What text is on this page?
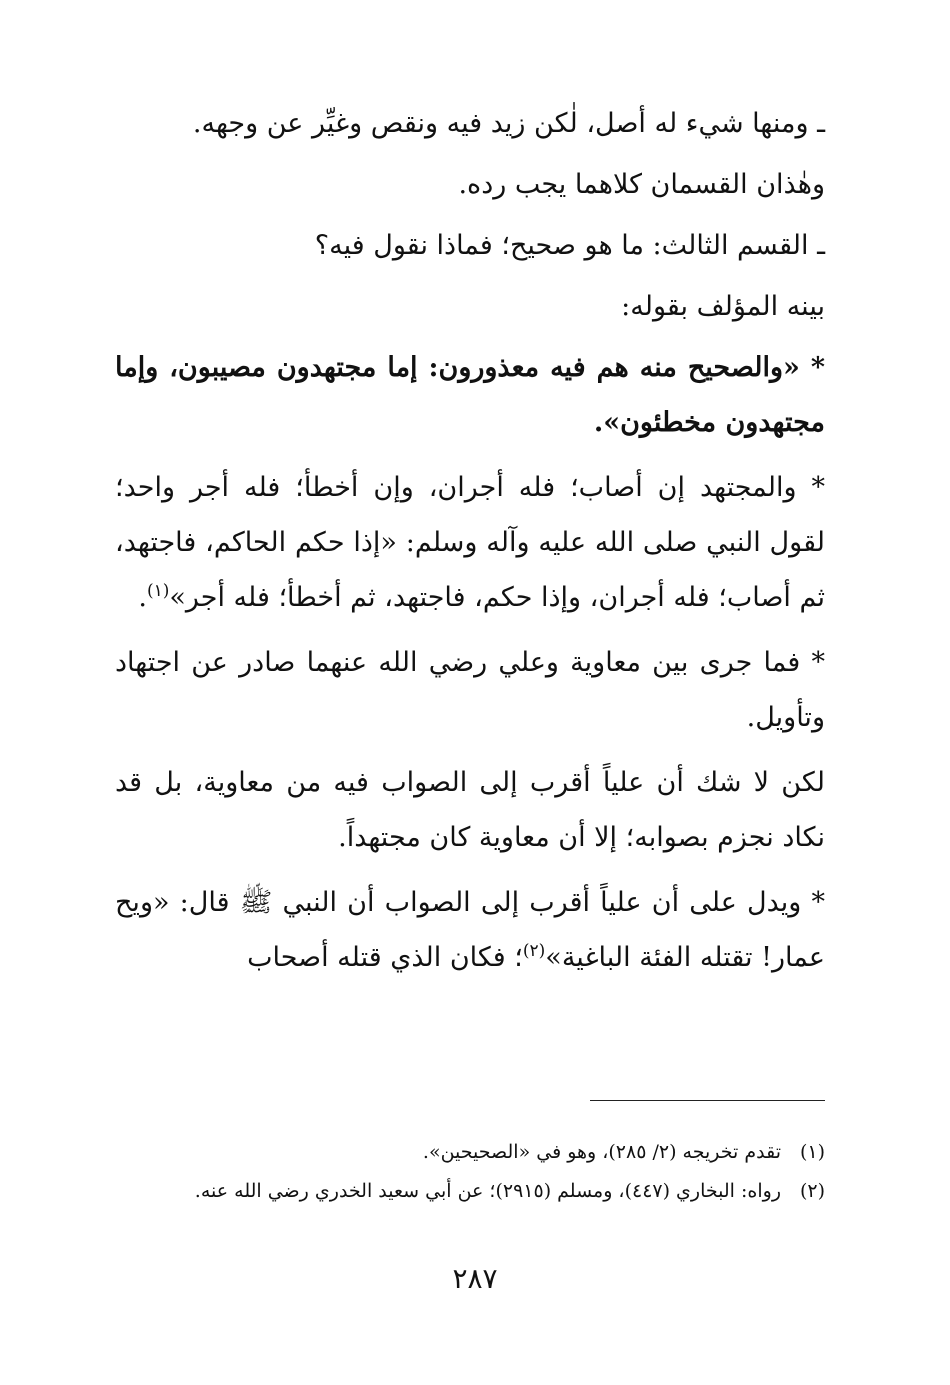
ـ ومنها شيء له أصل، لٰكن زيد فيه ونقص وغيِّر عن وجهه.

وهٰذان القسمان كلاهما يجب رده.

ـ القسم الثالث: ما هو صحيح؛ فماذا نقول فيه؟

بينه المؤلف بقوله:

* «والصحيح منه هم فيه معذورون: إما مجتهدون مصيبون، وإما مجتهدون مخطئون».

* والمجتهد إن أصاب؛ فله أجران، وإن أخطأ؛ فله أجر واحد؛ لقول النبي صلى الله عليه وآله وسلم: «إذا حكم الحاكم، فاجتهد، ثم أصاب؛ فله أجران، وإذا حكم، فاجتهد، ثم أخطأ؛ فله أجر»$^{(١)}$.

* فما جرى بين معاوية وعلي رضي الله عنهما صادر عن اجتهاد وتأويل.

لكن لا شك أن علياً أقرب إلى الصواب فيه من معاوية، بل قد نكاد نجزم بصوابه؛ إلا أن معاوية كان مجتهداً.

* ويدل على أن علياً أقرب إلى الصواب أن النبي ﷺ قال: «ويح عمار! تقتله الفئة الباغية»$^{(٢)}$؛ فكان الذي قتله أصحاب

(١)تقدم تخريجه (٢/ ٢٨٥)، وهو في «الصحيحين».

(٢)رواه: البخاري (٤٤٧)، ومسلم (٢٩١٥)؛ عن أبي سعيد الخدري رضي الله عنه.

٢٨٧
